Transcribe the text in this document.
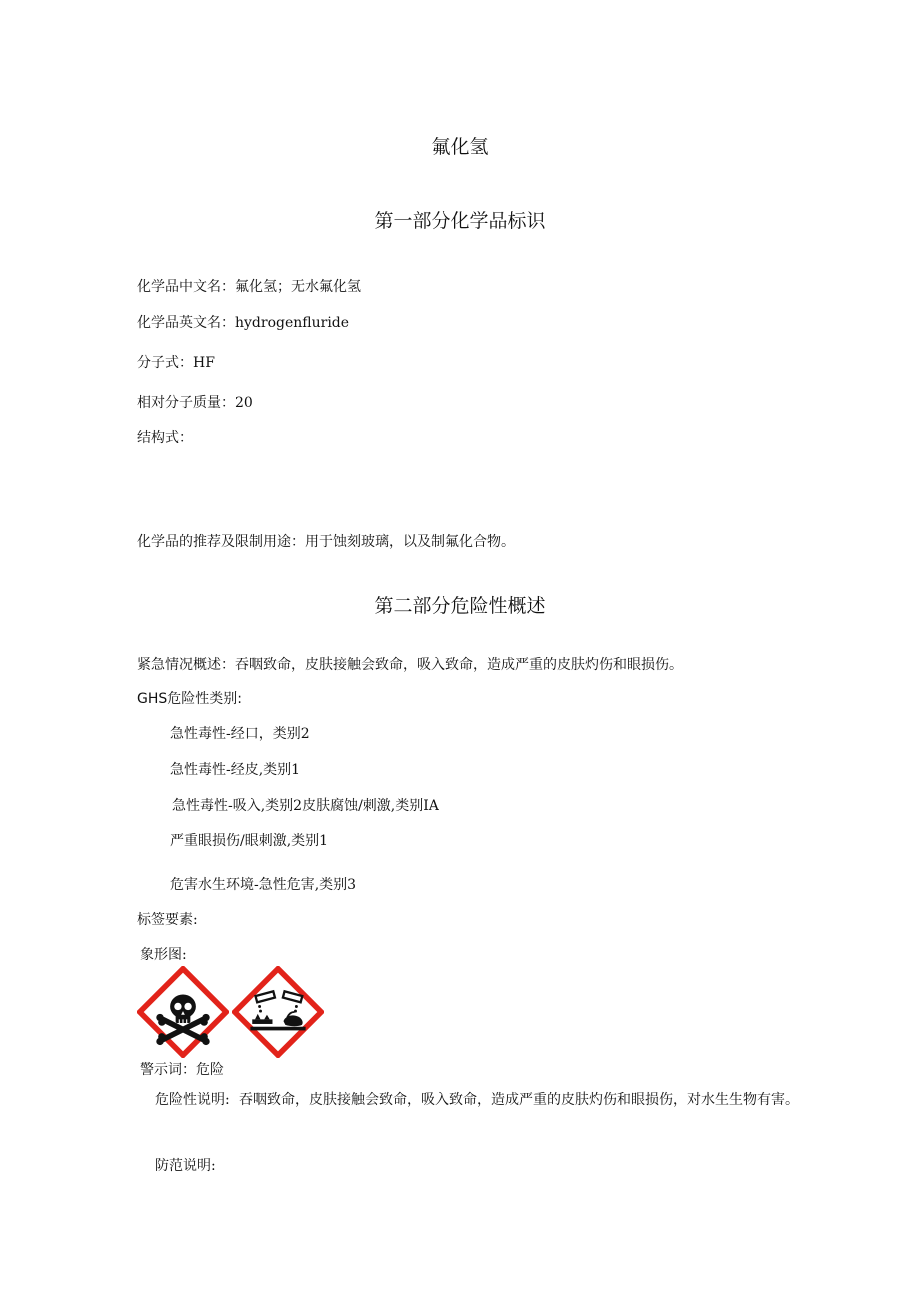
氟化氢
第一部分化学品标识
化学品中文名：氟化氢；无水氟化氢
化学品英文名：hydrogenfluride
分子式：HF
相对分子质量：20
结构式：
化学品的推荐及限制用途：用于蚀刻玻璃，以及制氟化合物。
第二部分危险性概述
紧急情况概述：吞咽致命，皮肤接触会致命，吸入致命，造成严重的皮肤灼伤和眼损伤。
GHS危险性类别:
急性毒性-经口，类别2
急性毒性-经皮,类别1
急性毒性-吸入,类别2皮肤腐蚀/刺激,类别IA
严重眼损伤/眼刺激,类别1
危害水生环境-急性危害,类别3
标签要素:
象形图:
警示词：危险
危险性说明: 吞咽致命，皮肤接触会致命，吸入致命，造成严重的皮肤灼伤和眼损伤，对水生生物有害。
防范说明:
